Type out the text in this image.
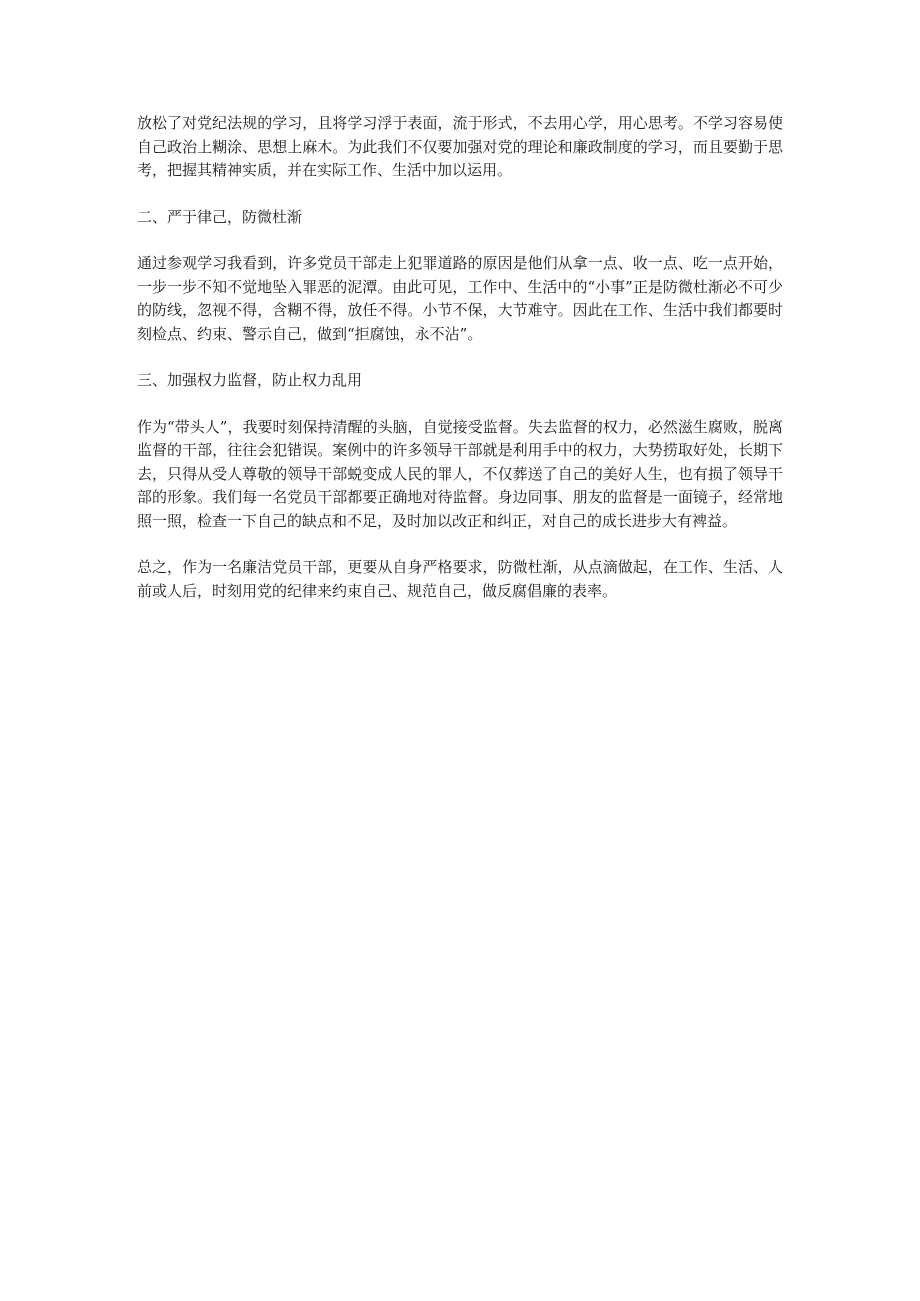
放松了对党纪法规的学习，且将学习浮于表面，流于形式，不去用心学，用心思考。不学习容易使自己政治上糊涂、思想上麻木。为此我们不仅要加强对党的理论和廉政制度的学习，而且要勤于思考，把握其精神实质，并在实际工作、生活中加以运用。

二、严于律己，防微杜渐

通过参观学习我看到，许多党员干部走上犯罪道路的原因是他们从拿一点、收一点、吃一点开始，一步一步不知不觉地坠入罪恶的泥潭。由此可见，工作中、生活中的“小事”正是防微杜渐必不可少的防线，忽视不得，含糊不得，放任不得。小节不保，大节难守。因此在工作、生活中我们都要时刻检点、约束、警示自己，做到“拒腐蚀，永不沾”。

三、加强权力监督，防止权力乱用

作为“带头人”，我要时刻保持清醒的头脑，自觉接受监督。失去监督的权力，必然滋生腐败，脱离监督的干部，往往会犯错误。案例中的许多领导干部就是利用手中的权力，大势捞取好处，长期下去，只得从受人尊敬的领导干部蜕变成人民的罪人，不仅葬送了自己的美好人生，也有损了领导干部的形象。我们每一名党员干部都要正确地对待监督。身边同事、朋友的监督是一面镜子，经常地照一照，检查一下自己的缺点和不足，及时加以改正和纠正，对自己的成长进步大有裨益。

总之，作为一名廉洁党员干部，更要从自身严格要求，防微杜渐，从点滴做起，在工作、生活、人前或人后，时刻用党的纪律来约束自己、规范自己，做反腐倡廉的表率。
